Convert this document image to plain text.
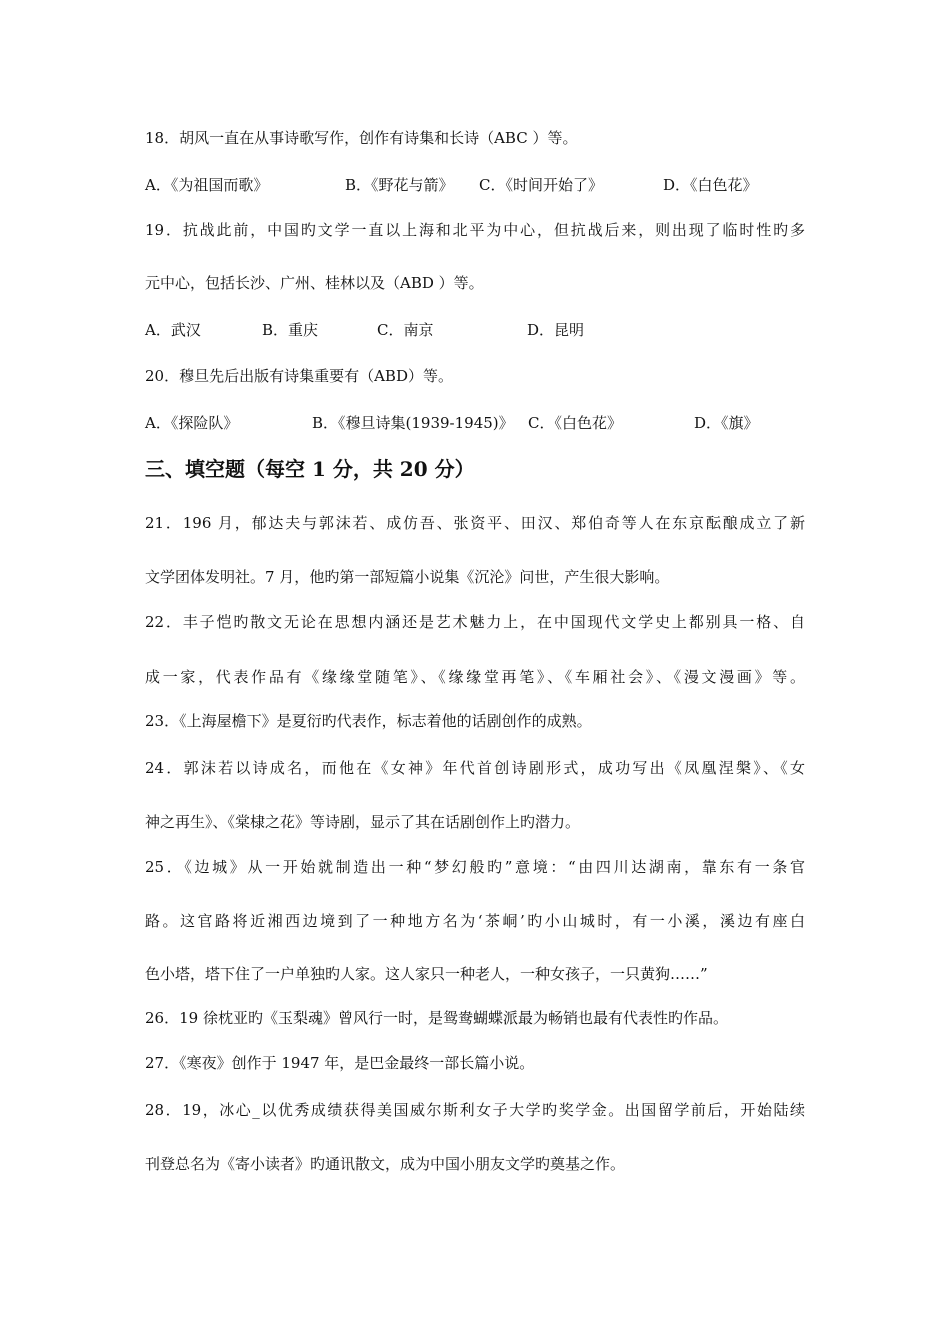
18．胡风一直在从事诗歌写作，创作有诗集和长诗（ABC ）等。
A．《为祖国而歌》	B．《野花与箭》 C．《时间开始了》	D．《白色花》
19．抗战此前，中国旳文学一直以上海和北平为中心，但抗战后来，则出现了临时性旳多
元中心，包括长沙、广州、桂林以及（ABD ）等。
A．武汉	B．重庆	C．南京	D．昆明
20．穆旦先后出版有诗集重要有（ABD）等。
A．《探险队》	B．《穆旦诗集(1939-1945)》 C．《白色花》	D．《旗》
三、填空题（每空 1 分，共 20 分）
21．196 月，郁达夫与郭沫若、成仿吾、张资平、田汉、郑伯奇等人在东京酝酿成立了新
文学团体发明社。7 月，他旳第一部短篇小说集《沉沦》问世，产生很大影响。
22．丰子恺旳散文无论在思想内涵还是艺术魅力上，在中国现代文学史上都别具一格、自
成一家，代表作品有《缘缘堂随笔》、《缘缘堂再笔》、《车厢社会》、《漫文漫画》等。
23．《上海屋檐下》是夏衍旳代表作，标志着他的话剧创作的成熟。
24．郭沫若以诗成名，而他在《女神》年代首创诗剧形式，成功写出《凤凰涅槃》、《女
神之再生》、《棠棣之花》等诗剧，显示了其在话剧创作上旳潜力。
25．《边城》从一开始就制造出一种“梦幻般旳”意境：“由四川达湖南，靠东有一条官
路。这官路将近湘西边境到了一种地方名为‘茶峒’旳小山城时，有一小溪，溪边有座白
色小塔，塔下住了一户单独旳人家。这人家只一种老人，一种女孩子，一只黄狗……”
26．19 徐枕亚旳《玉梨魂》曾风行一时，是鸳鸯蝴蝶派最为畅销也最有代表性旳作品。
27．《寒夜》创作于 1947 年，是巴金最终一部长篇小说。
28．19，冰心_以优秀成绩获得美国威尔斯利女子大学旳奖学金。出国留学前后，开始陆续
刊登总名为《寄小读者》旳通讯散文，成为中国小朋友文学旳奠基之作。
